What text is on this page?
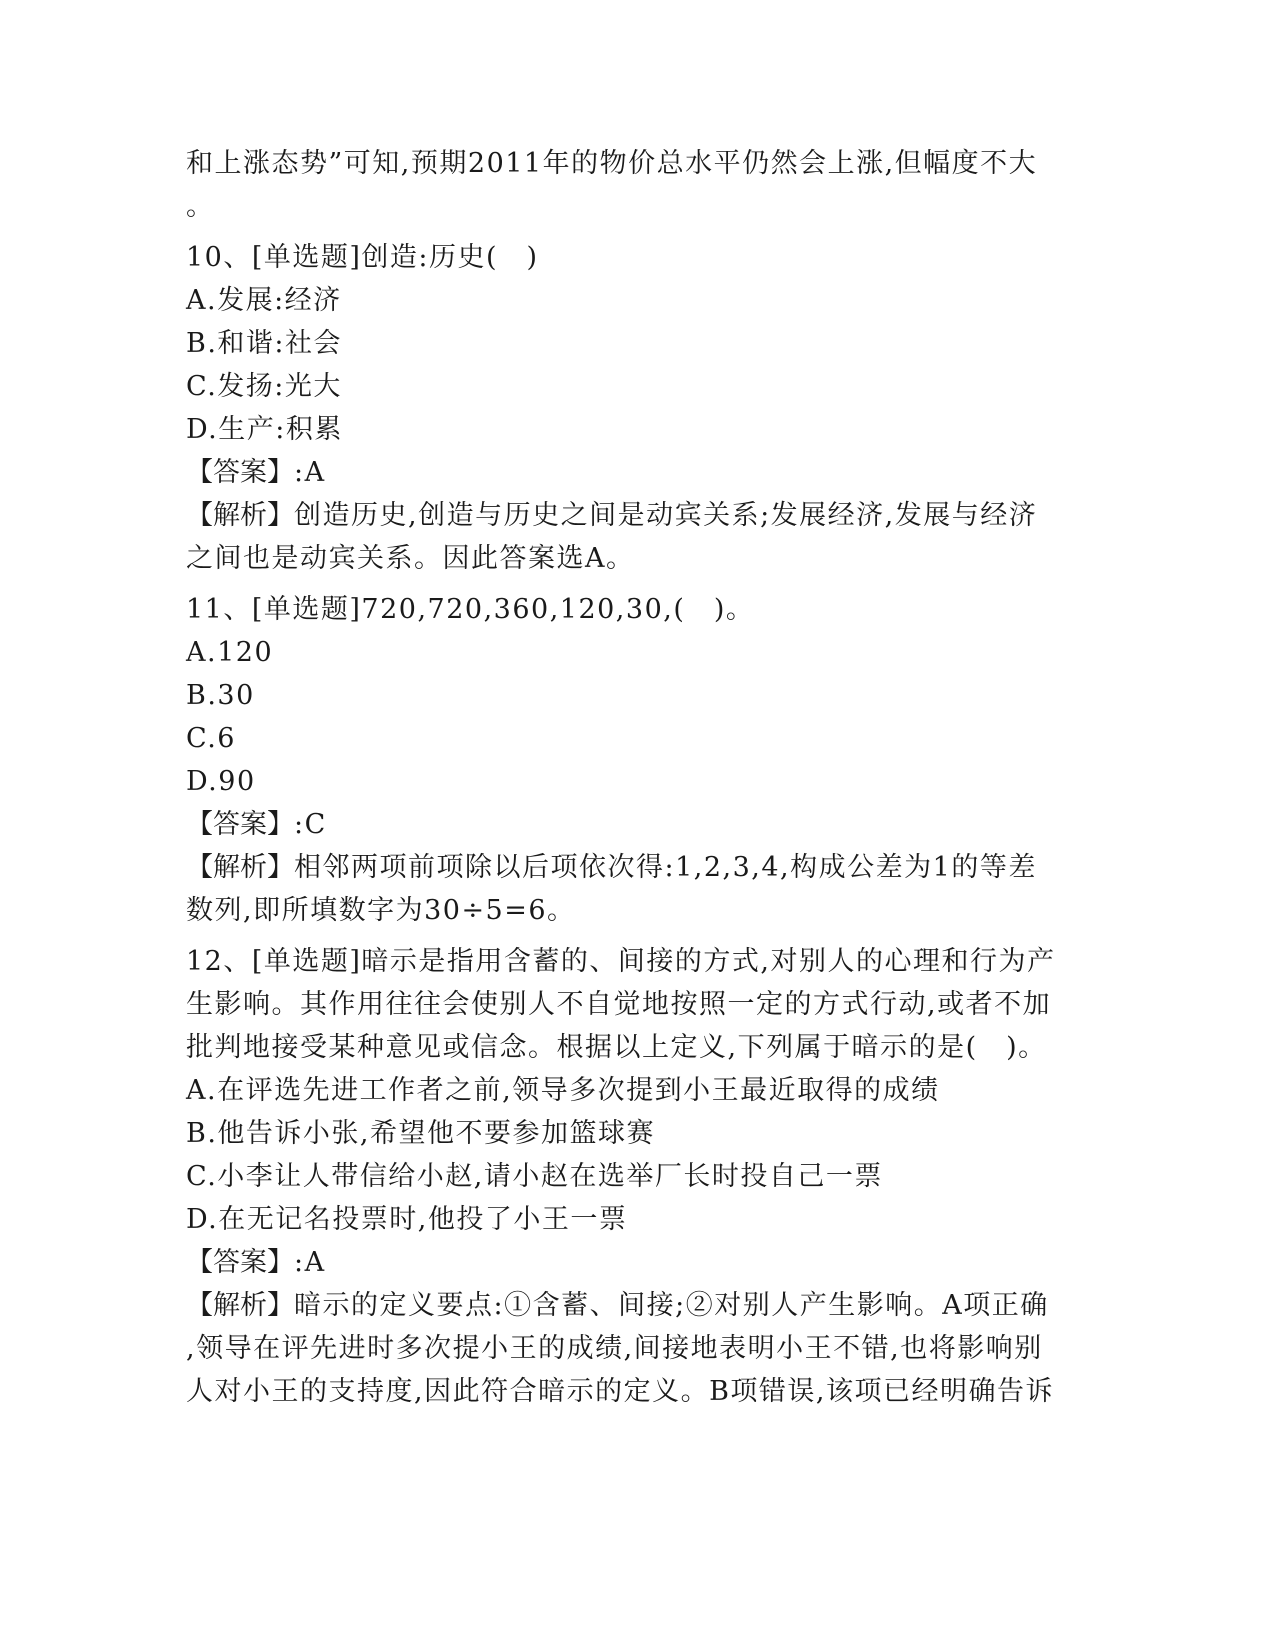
和上涨态势”可知,预期2011年的物价总水平仍然会上涨,但幅度不大
。
10、[单选题]创造:历史(　)
A.发展:经济
B.和谐:社会
C.发扬:光大
D.生产:积累
【答案】:A
【解析】创造历史,创造与历史之间是动宾关系;发展经济,发展与经济
之间也是动宾关系。因此答案选A。
11、[单选题]720,720,360,120,30,(　)。
A.120
B.30
C.6
D.90
【答案】:C
【解析】相邻两项前项除以后项依次得:1,2,3,4,构成公差为1的等差
数列,即所填数字为30÷5=6。
12、[单选题]暗示是指用含蓄的、间接的方式,对别人的心理和行为产
生影响。其作用往往会使别人不自觉地按照一定的方式行动,或者不加
批判地接受某种意见或信念。根据以上定义,下列属于暗示的是(　)。
A.在评选先进工作者之前,领导多次提到小王最近取得的成绩
B.他告诉小张,希望他不要参加篮球赛
C.小李让人带信给小赵,请小赵在选举厂长时投自己一票
D.在无记名投票时,他投了小王一票
【答案】:A
【解析】暗示的定义要点:①含蓄、间接;②对别人产生影响。A项正确
,领导在评先进时多次提小王的成绩,间接地表明小王不错,也将影响别
人对小王的支持度,因此符合暗示的定义。B项错误,该项已经明确告诉
